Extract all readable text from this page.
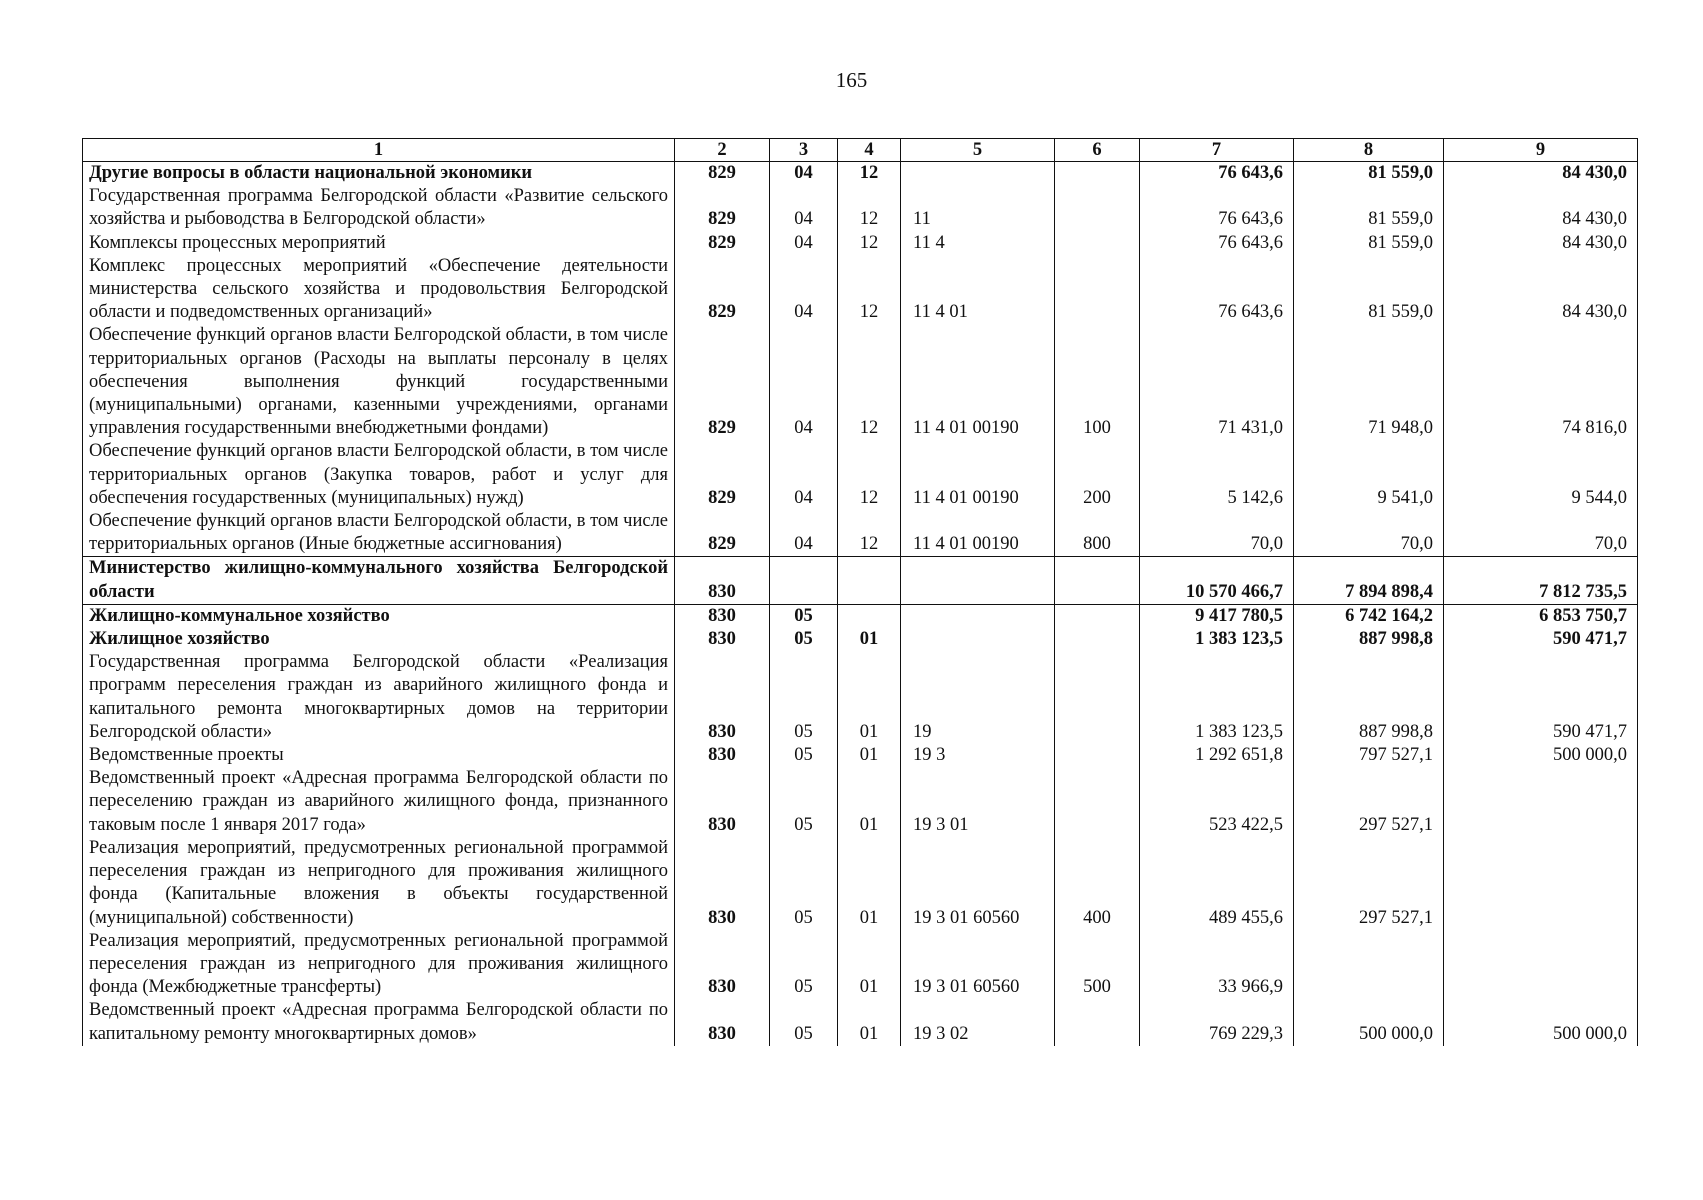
165
1	2	3	4	5	6	7	8	9
Другие вопросы в области национальной экономики	829	04	12			76 643,6	81 559,0	84 430,0
Государственная программа Белгородской области «Развитие сельского хозяйства и рыбоводства в Белгородской области»	829	04	12	11		76 643,6	81 559,0	84 430,0
Комплексы процессных мероприятий	829	04	12	11 4		76 643,6	81 559,0	84 430,0
Комплекс процессных мероприятий «Обеспечение деятельности министерства сельского хозяйства и продовольствия Белгородской области и подведомственных организаций»	829	04	12	11 4 01		76 643,6	81 559,0	84 430,0
Обеспечение функций органов власти Белгородской области, в том числе территориальных органов (Расходы на выплаты персоналу в целях обеспечения выполнения функций государственными (муниципальными) органами, казенными учреждениями, органами управления государственными внебюджетными фондами)	829	04	12	11 4 01 00190	100	71 431,0	71 948,0	74 816,0
Обеспечение функций органов власти Белгородской области, в том числе территориальных органов (Закупка товаров, работ и услуг для обеспечения государственных (муниципальных) нужд)	829	04	12	11 4 01 00190	200	5 142,6	9 541,0	9 544,0
Обеспечение функций органов власти Белгородской области, в том числе территориальных органов (Иные бюджетные ассигнования)	829	04	12	11 4 01 00190	800	70,0	70,0	70,0
Министерство жилищно-коммунального хозяйства Белгородской области	830					10 570 466,7	7 894 898,4	7 812 735,5
Жилищно-коммунальное хозяйство	830	05				9 417 780,5	6 742 164,2	6 853 750,7
Жилищное хозяйство	830	05	01			1 383 123,5	887 998,8	590 471,7
Государственная программа Белгородской области «Реализация программ переселения граждан из аварийного жилищного фонда и капитального ремонта многоквартирных домов на территории Белгородской области»	830	05	01	19		1 383 123,5	887 998,8	590 471,7
Ведомственные проекты	830	05	01	19 3		1 292 651,8	797 527,1	500 000,0
Ведомственный проект «Адресная программа Белгородской области по переселению граждан из аварийного жилищного фонда, признанного таковым после 1 января 2017 года»	830	05	01	19 3 01		523 422,5	297 527,1	
Реализация мероприятий, предусмотренных региональной программой переселения граждан из непригодного для проживания жилищного фонда (Капитальные вложения в объекты государственной (муниципальной) собственности)	830	05	01	19 3 01 60560	400	489 455,6	297 527,1	
Реализация мероприятий, предусмотренных региональной программой переселения граждан из непригодного для проживания жилищного фонда (Межбюджетные трансферты)	830	05	01	19 3 01 60560	500	33 966,9		
Ведомственный проект «Адресная программа Белгородской области по капитальному ремонту многоквартирных домов»	830	05	01	19 3 02		769 229,3	500 000,0	500 000,0
